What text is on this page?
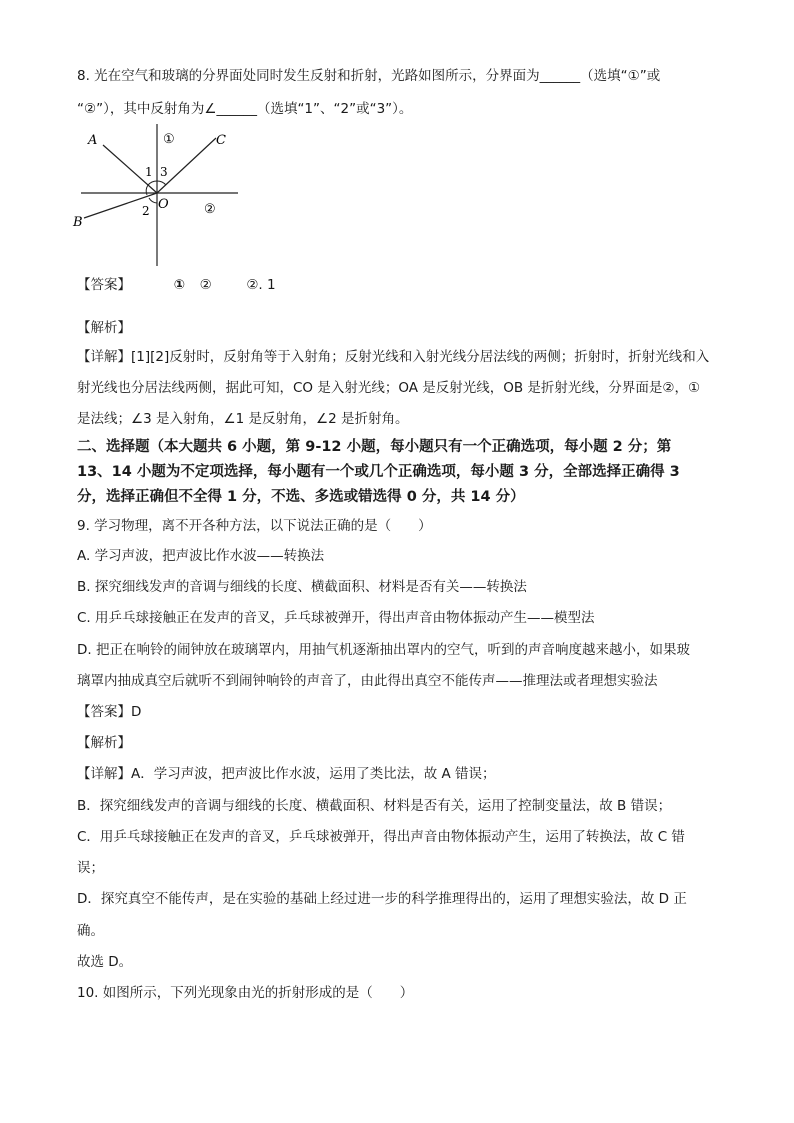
8. 光在空气和玻璃的分界面处同时发生反射和折射，光路如图所示，分界面为______（选填“①”或
“②”），其中反射角为∠______（选填“1”、“2”或“3”）。
A	C
B
O
1 3
2
①
②
【答案】	① ②	②. 1
【解析】
【详解】[1][2]反射时，反射角等于入射角；反射光线和入射光线分居法线的两侧；折射时，折射光线和入
射光线也分居法线两侧，据此可知，CO 是入射光线；OA 是反射光线，OB 是折射光线，分界面是②，①
是法线；∠3 是入射角，∠1 是反射角，∠2 是折射角。
二、选择题（本大题共 6 小题，第 9-12 小题，每小题只有一个正确选项，每小题 2 分；第
13、14 小题为不定项选择，每小题有一个或几个正确选项，每小题 3 分，全部选择正确得 3
分，选择正确但不全得 1 分，不选、多选或错选得 0 分，共 14 分）
9. 学习物理，离不开各种方法，以下说法正确的是（　　）
A. 学习声波，把声波比作水波——转换法
B. 探究细线发声的音调与细线的长度、横截面积、材料是否有关——转换法
C. 用乒乓球接触正在发声的音叉，乒乓球被弹开，得出声音由物体振动产生——模型法
D. 把正在响铃的闹钟放在玻璃罩内，用抽气机逐渐抽出罩内的空气，听到的声音响度越来越小，如果玻
璃罩内抽成真空后就听不到闹钟响铃的声音了，由此得出真空不能传声——推理法或者理想实验法
【答案】D
【解析】
【详解】A．学习声波，把声波比作水波，运用了类比法，故 A 错误；
B．探究细线发声的音调与细线的长度、横截面积、材料是否有关，运用了控制变量法，故 B 错误；
C．用乒乓球接触正在发声的音叉，乒乓球被弹开，得出声音由物体振动产生，运用了转换法，故 C 错
误；
D．探究真空不能传声，是在实验的基础上经过进一步的科学推理得出的，运用了理想实验法，故 D 正
确。
故选 D。
10. 如图所示，下列光现象由光的折射形成的是（　　）
